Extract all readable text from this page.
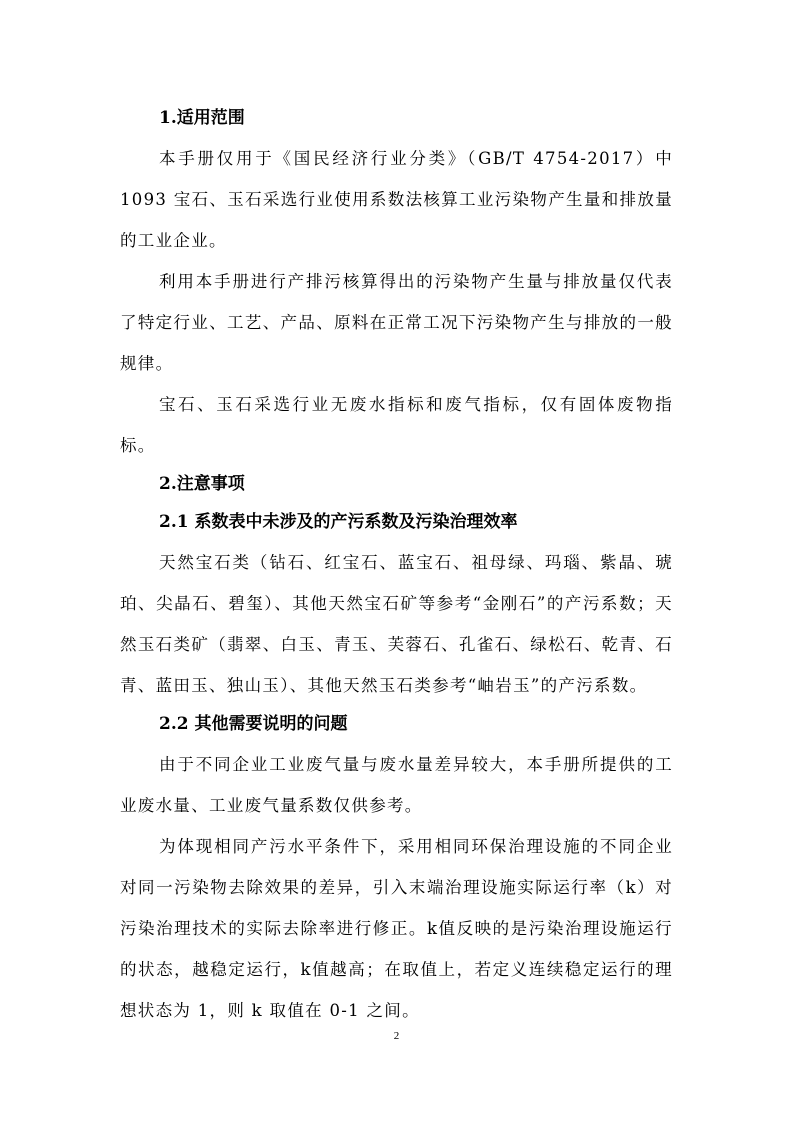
1.适用范围

本手册仅用于《国民经济行业分类》（GB/T 4754-2017）中 1093 宝石、玉石采选行业使用系数法核算工业污染物产生量和排放量的工业企业。

利用本手册进行产排污核算得出的污染物产生量与排放量仅代表了特定行业、工艺、产品、原料在正常工况下污染物产生与排放的一般规律。

宝石、玉石采选行业无废水指标和废气指标，仅有固体废物指标。

2.注意事项
2.1 系数表中未涉及的产污系数及污染治理效率

天然宝石类（钻石、红宝石、蓝宝石、祖母绿、玛瑙、紫晶、琥珀、尖晶石、碧玺）、其他天然宝石矿等参考“金刚石”的产污系数；天然玉石类矿（翡翠、白玉、青玉、芙蓉石、孔雀石、绿松石、乾青、石青、蓝田玉、独山玉）、其他天然玉石类参考“岫岩玉”的产污系数。

2.2 其他需要说明的问题

由于不同企业工业废气量与废水量差异较大，本手册所提供的工业废水量、工业废气量系数仅供参考。

为体现相同产污水平条件下，采用相同环保治理设施的不同企业对同一污染物去除效果的差异，引入末端治理设施实际运行率（k）对污染治理技术的实际去除率进行修正。k值反映的是污染治理设施运行的状态，越稳定运行，k值越高；在取值上，若定义连续稳定运行的理想状态为 1，则 k 取值在 0-1 之间。

2
